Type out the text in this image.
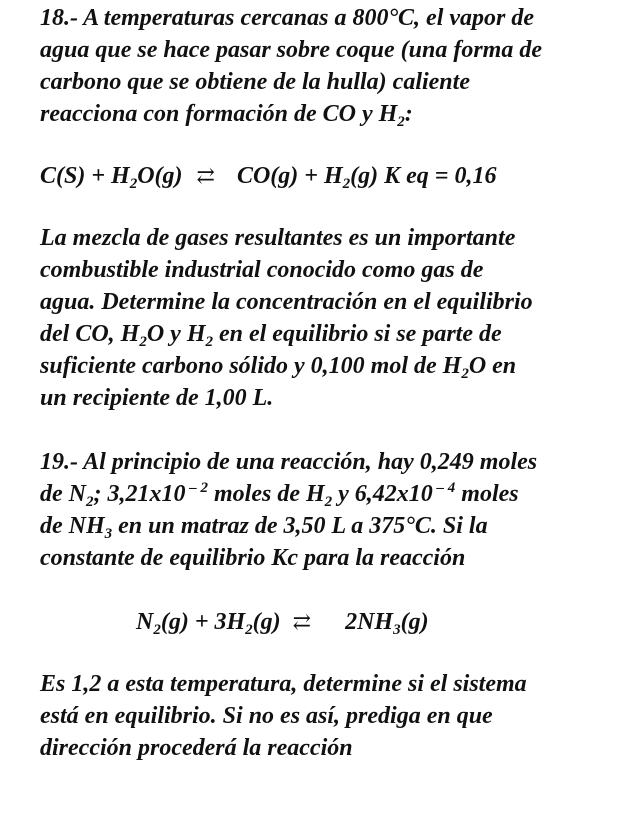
18.- A temperaturas cercanas a 800°C, el vapor de
agua que se hace pasar sobre coque (una forma de
carbono que se obtiene de la hulla) caliente
reacciona con formación de CO y $H_2$:
$C(S) + H_2O(g)$ ⇄ $CO(g) + H_2(g)$ K eq = 0,16
La mezcla de gases resultantes es un importante
combustible industrial conocido como gas de
agua. Determine la concentración en el equilibrio
del CO, $H_2O$ y $H_2$ en el equilibrio si se parte de
suficiente carbono sólido y 0,100 mol de $H_2O$ en
un recipiente de 1,00 L.
19.- Al principio de una reacción, hay 0,249 moles
de $N_2$; 3,21x10 $^{- 2}$ moles de $H_2$ y 6,42x10 $^{- 4}$ moles
de $NH_3$ en un matraz de 3,50 L a 375°C. Si la
constante de equilibrio Kc para la reacción
$N_2(g) + 3H_2(g)$ ⇄ $2NH_3(g)$
Es 1,2 a esta temperatura, determine si el sistema
está en equilibrio. Si no es así, prediga en que
dirección procederá la reacción
